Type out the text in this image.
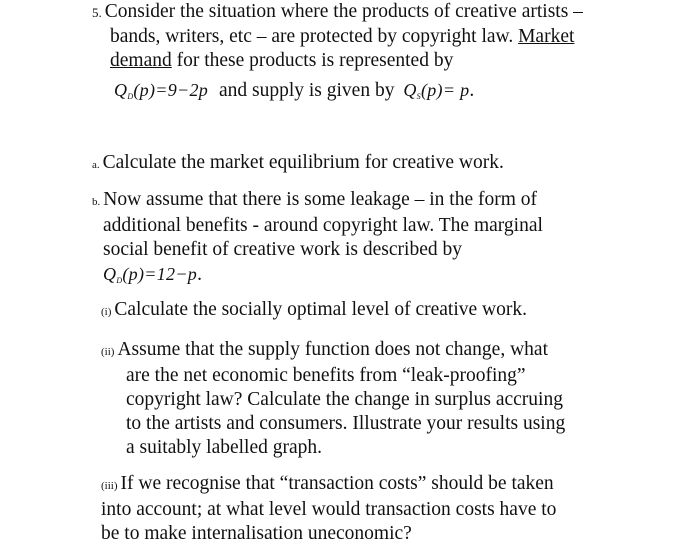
5. Consider the situation where the products of creative artists –
bands, writers, etc – are protected by copyright law. Market
demand for these products is represented by
$Q_D(p)=9-2p$ and supply is given by $Q_S(p)= p$.
a. Calculate the market equilibrium for creative work.
b. Now assume that there is some leakage – in the form of
additional benefits - around copyright law. The marginal
social benefit of creative work is described by
$Q_D(p)=12-p$.
(i) Calculate the socially optimal level of creative work.
(ii) Assume that the supply function does not change, what
are the net economic benefits from “leak-proofing”
copyright law? Calculate the change in surplus accruing
to the artists and consumers. Illustrate your results using
a suitably labelled graph.
(iii) If we recognise that “transaction costs” should be taken
into account; at what level would transaction costs have to
be to make internalisation uneconomic?
